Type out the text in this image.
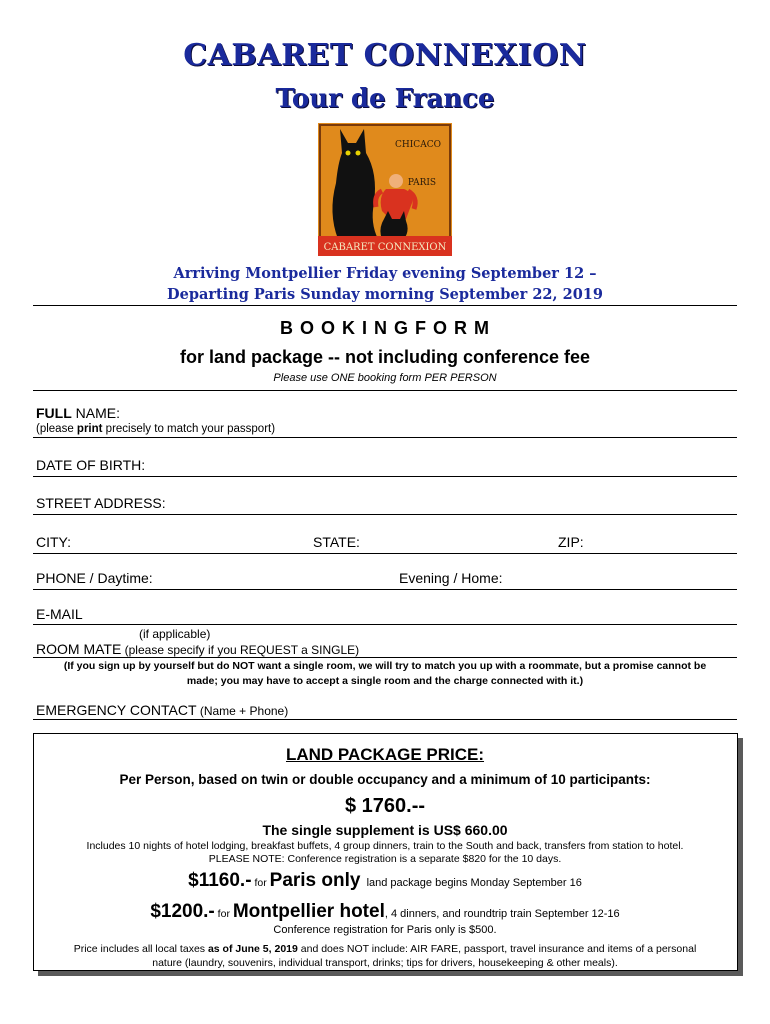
CABARET CONNEXION
Tour de France
CABARET CONNEXION
CHICACO
PARIS
Arriving Montpellier Friday evening September 12 –
Departing Paris Sunday morning September 22, 2019
B O O K I N G F O R M
for land package -- not including conference fee
Please use ONE booking form PER PERSON
FULL NAME:
(please print precisely to match your passport)
DATE OF BIRTH:
STREET ADDRESS:
CITY:	STATE:	ZIP:
PHONE / Daytime:	Evening / Home:
E-MAIL
(if applicable)
ROOM MATE (please specify if you REQUEST a SINGLE)
(If you sign up by yourself but do NOT want a single room, we will try to match you up with a roommate, but a promise cannot be
made; you may have to accept a single room and the charge connected with it.)
EMERGENCY CONTACT (Name + Phone)
LAND PACKAGE PRICE:
Per Person, based on twin or double occupancy and a minimum of 10 participants:
$ 1760.--
The single supplement is US$ 660.00
Includes 10 nights of hotel lodging, breakfast buffets, 4 group dinners, train to the South and back, transfers from station to hotel.
PLEASE NOTE: Conference registration is a separate $820 for the 10 days.
$1160.- for Paris only  land package begins Monday September 16
$1200.- for Montpellier hotel, 4 dinners, and roundtrip train September 12-16
Conference registration for Paris only is $500.
Price includes all local taxes as of June 5, 2019 and does NOT include: AIR FARE, passport, travel insurance and items of a personal
nature (laundry, souvenirs, individual transport, drinks; tips for drivers, housekeeping & other meals).
